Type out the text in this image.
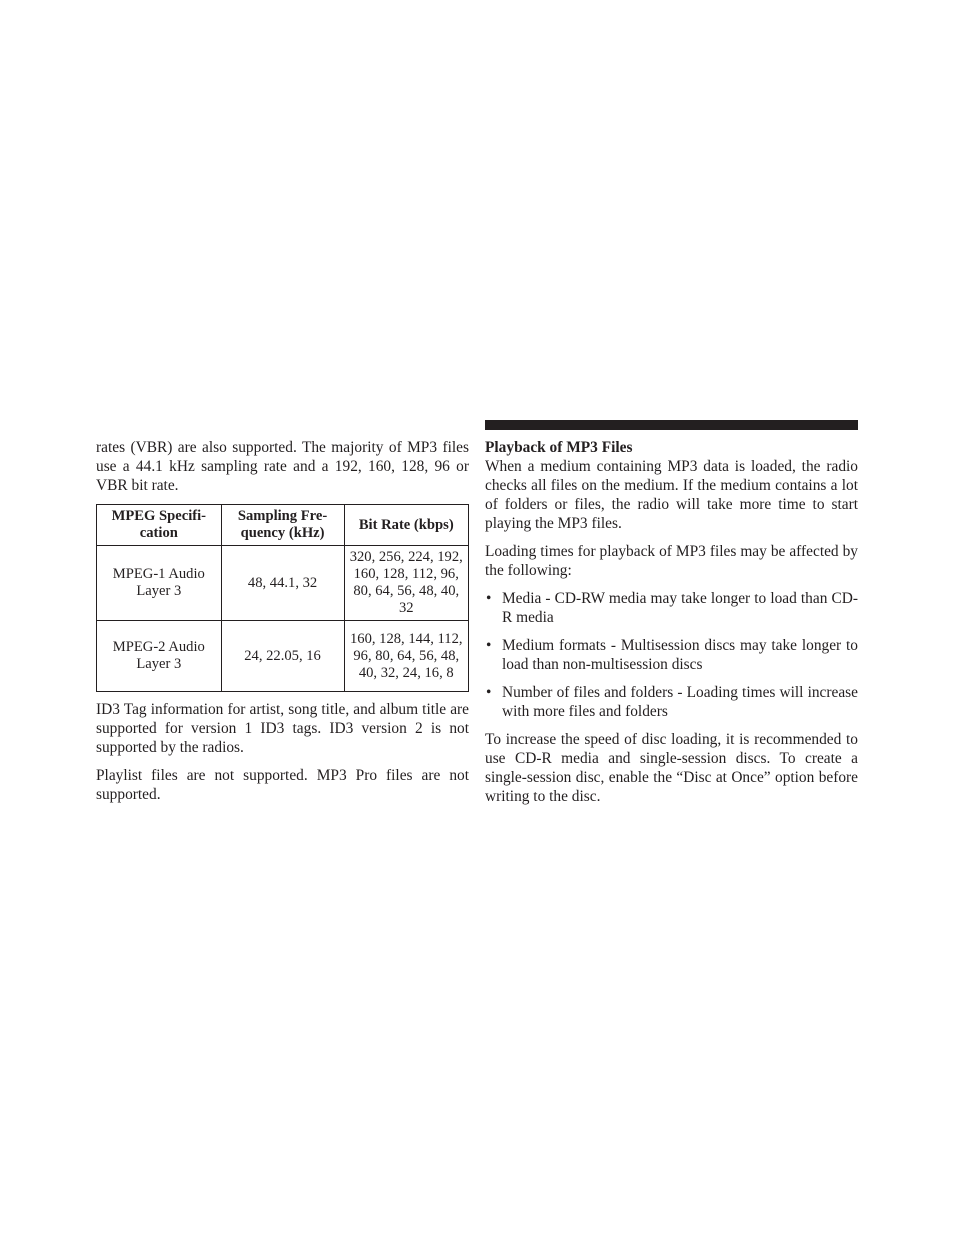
rates (VBR) are also supported. The majority of MP3 files use a 44.1 kHz sampling rate and a 192, 160, 128, 96 or VBR bit rate.

MPEG Specifi-cation	Sampling Fre-quency (kHz)	Bit Rate (kbps)
MPEG-1 Audio Layer 3	48, 44.1, 32	320, 256, 224, 192, 160, 128, 112, 96, 80, 64, 56, 48, 40, 32
MPEG-2 Audio Layer 3	24, 22.05, 16	160, 128, 144, 112, 96, 80, 64, 56, 48, 40, 32, 24, 16, 8

ID3 Tag information for artist, song title, and album title are supported for version 1 ID3 tags. ID3 version 2 is not supported by the radios.

Playlist files are not supported. MP3 Pro files are not supported.

Playback of MP3 Files

When a medium containing MP3 data is loaded, the radio checks all files on the medium. If the medium contains a lot of folders or files, the radio will take more time to start playing the MP3 files.

Loading times for playback of MP3 files may be affected by the following:

• Media - CD-RW media may take longer to load than CD-R media
• Medium formats - Multisession discs may take longer to load than non-multisession discs
• Number of files and folders - Loading times will increase with more files and folders

To increase the speed of disc loading, it is recommended to use CD-R media and single-session discs. To create a single-session disc, enable the “Disc at Once” option before writing to the disc.
